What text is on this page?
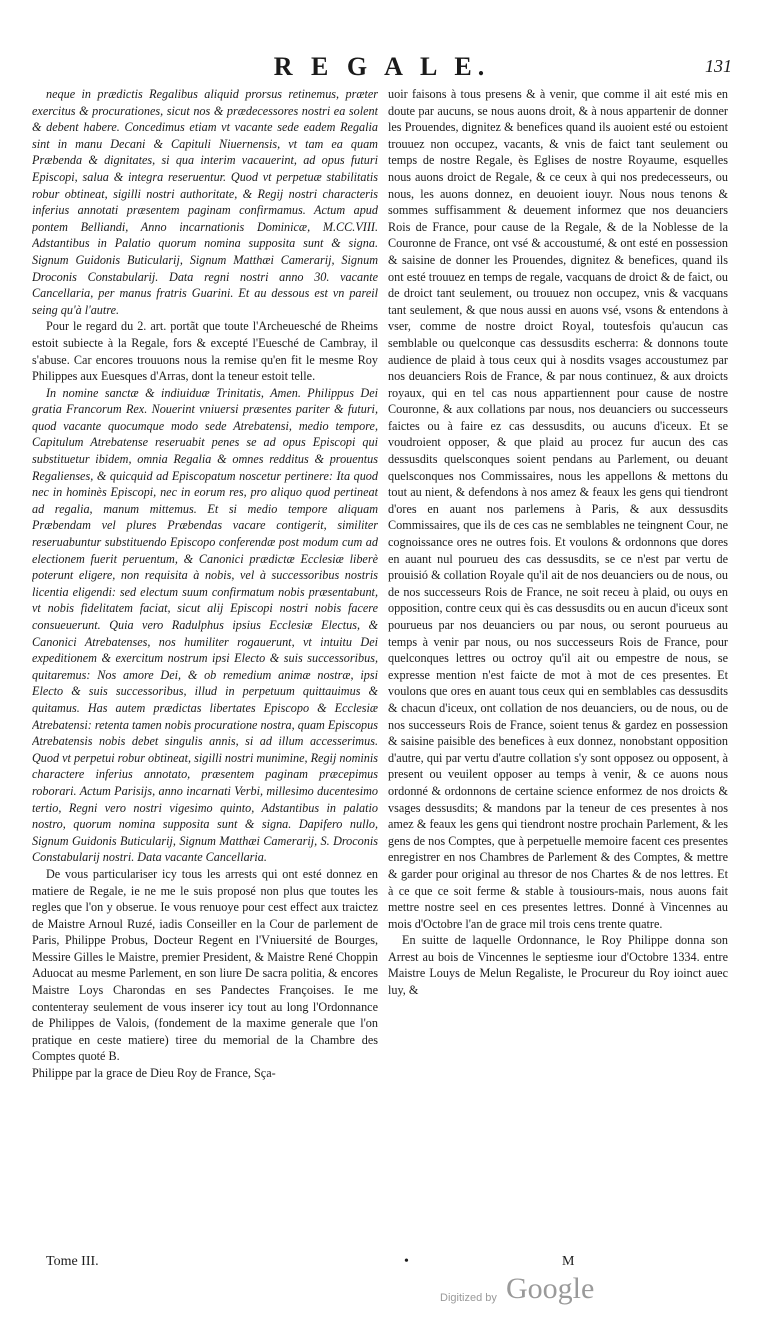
R E G A L E.	131

neque in prædictis Regalibus aliquid prorsus retinemus, præter exercitus & procurationes, sicut nos & prædecessores nostri ea solent & debent habere. Concedimus etiam vt vacante sede eadem Regalia sint in manu Decani & Capituli Niuernensis, vt tam ea quam Præbenda & dignitates, si qua interim vacauerint, ad opus futuri Episcopi, salua & integra reseruentur. Quod vt perpetuæ stabilitatis robur obtineat, sigilli nostri authoritate, & Regij nostri characteris inferius annotati præsentem paginam confirmamus. Actum apud pontem Belliandi, Anno incarnationis Dominicæ, M.CC.VIII. Adstantibus in Palatio quorum nomina supposita sunt & signa. Signum Guidonis Buticularij, Signum Matthæi Camerarij, Signum Droconis Constabularij. Data regni nostri anno 30. vacante Cancellaria, per manus fratris Guarini. Et au dessous est vn pareil seing qu'à l'autre.

Pour le regard du 2. art. portãt que toute l'Archeuesché de Rheims estoit subiecte à la Regale, fors & excepté l'Euesché de Cambray, il s'abuse. Car encores trouuons nous la remise qu'en fit le mesme Roy Philippes aux Euesques d'Arras, dont la teneur estoit telle.

In nomine sanctæ & indiuiduæ Trinitatis, Amen. Philippus Dei gratia Francorum Rex. Nouerint vniuersi præsentes pariter & futuri, quod vacante quocumque modo sede Atrebatensi, medio tempore, Capitulum Atrebatense reseruabit penes se ad opus Episcopi qui substituetur ibidem, omnia Regalia & omnes redditus & prouentus Regalienses, & quicquid ad Episcopatum noscetur pertinere: Ita quod nec in hominès Episcopi, nec in eorum res, pro aliquo quod pertineat ad regalia, manum mittemus. Et si medio tempore aliquam Præbendam vel plures Præbendas vacare contigerit, similiter reseruabuntur substituendo Episcopo conferendæ post modum cum ad electionem fuerit peruentum, & Canonici prædictæ Ecclesiæ liberè poterunt eligere, non requisita à nobis, vel à successoribus nostris licentia eligendi: sed electum suum confirmatum nobis præsentabunt, vt nobis fidelitatem faciat, sicut alij Episcopi nostri nobis facere consueuerunt. Quia vero Radulphus ipsius Ecclesiæ Electus, & Canonici Atrebatenses, nos humiliter rogauerunt, vt intuitu Dei expeditionem & exercitum nostrum ipsi Electo & suis successoribus, quitaremus: Nos amore Dei, & ob remedium animæ nostræ, ipsi Electo & suis successoribus, illud in perpetuum quittauimus & quitamus. Has autem prædictas libertates Episcopo & Ecclesiæ Atrebatensi: retenta tamen nobis procuratione nostra, quam Episcopus Atrebatensis nobis debet singulis annis, si ad illum accesserimus. Quod vt perpetui robur obtineat, sigilli nostri munimine, Regij nominis charactere inferius annotato, præsentem paginam præcepimus roborari. Actum Parisijs, anno incarnati Verbi, millesimo ducentesimo tertio, Regni vero nostri vigesimo quinto, Adstantibus in palatio nostro, quorum nomina supposita sunt & signa. Dapifero nullo, Signum Guidonis Buticularij, Signum Matthæi Camerarij, S. Droconis Constabularij nostri. Data vacante Cancellaria.

De vous particulariser icy tous les arrests qui ont esté donnez en matiere de Regale, ie ne me le suis proposé non plus que toutes les regles que l'on y obserue. Ie vous renuoye pour cest effect aux traictez de Maistre Arnoul Ruzé, iadis Conseiller en la Cour de parlement de Paris, Philippe Probus, Docteur Regent en l'Vniuersité de Bourges, Messire Gilles le Maistre, premier President, & Maistre René Choppin Aduocat au mesme Parlement, en son liure De sacra politia, & encores Maistre Loys Charondas en ses Pandectes Françoises. Ie me contenteray seulement de vous inserer icy tout au long l'Ordonnance de Philippes de Valois, (fondement de la maxime generale que l'on pratique en ceste matiere) tiree du memorial de la Chambre des Comptes quoté B.

Philippe par la grace de Dieu Roy de France, Sça-

uoir faisons à tous presens & à venir, que comme il ait esté mis en doute par aucuns, se nous auons droit, & à nous appartenir de donner les Prouendes, dignitez & benefices quand ils auoient esté ou estoient trouuez non occupez, vacants, & vnis de faict tant seulement ou temps de nostre Regale, ès Eglises de nostre Royaume, esquelles nous auons droict de Regale, & ce ceux à qui nos predecesseurs, ou nous, les auons donnez, en deuoient iouyr. Nous nous tenons & sommes suffisamment & deuement informez que nos deuanciers Rois de France, pour cause de la Regale, & de la Noblesse de la Couronne de France, ont vsé & accoustumé, & ont esté en possession & saisine de donner les Prouendes, dignitez & benefices, quand ils ont esté trouuez en temps de regale, vacquans de droict & de faict, ou de droict tant seulement, ou trouuez non occupez, vnis & vacquans tant seulement, & que nous aussi en auons vsé, vsons & entendons à vser, comme de nostre droict Royal, toutesfois qu'aucun cas semblable ou quelconque cas dessusdits escherra: & donnons toute audience de plaid à tous ceux qui à nosdits vsages accoustumez par nos deuanciers Rois de France, & par nous continuez, & aux droicts royaux, qui en tel cas nous appartiennent pour cause de nostre Couronne, & aux collations par nous, nos deuanciers ou successeurs faictes ou à faire ez cas dessusdits, ou aucuns d'iceux. Et se voudroient opposer, & que plaid au procez fur aucun des cas dessusdits quelsconques soient pendans au Parlement, ou deuant quelsconques nos Commissaires, nous les appellons & mettons du tout au nient, & defendons à nos amez & feaux les gens qui tiendront d'ores en auant nos parlemens à Paris, & aux dessusdits Commissaires, que ils de ces cas ne semblables ne teingnent Cour, ne cognoissance ores ne outres fois. Et voulons & ordonnons que dores en auant nul pourueu des cas dessusdits, se ce n'est par vertu de prouisió & collation Royale qu'il ait de nos deuanciers ou de nous, ou de nos successeurs Rois de France, ne soit receu à plaid, ou ouys en opposition, contre ceux qui ès cas dessusdits ou en aucun d'iceux sont pourueus par nos deuanciers ou par nous, ou seront pourueus au temps à venir par nous, ou nos successeurs Rois de France, pour quelconques lettres ou octroy qu'il ait ou empestre de nous, se expresse mention n'est faicte de mot à mot de ces presentes. Et voulons que ores en auant tous ceux qui en semblables cas dessusdits & chacun d'iceux, ont collation de nos deuanciers, ou de nous, ou de nos successeurs Rois de France, soient tenus & gardez en possession & saisine paisible des benefices à eux donnez, nonobstant opposition d'autre, qui par vertu d'autre collation s'y sont opposez ou opposent, à present ou veuilent opposer au temps à venir, & ce auons nous ordonné & ordonnons de certaine science enformez de nos droicts & vsages dessusdits; & mandons par la teneur de ces presentes à nos amez & feaux les gens qui tiendront nostre prochain Parlement, & les gens de nos Comptes, que à perpetuelle memoire facent ces presentes enregistrer en nos Chambres de Parlement & des Comptes, & mettre & garder pour original au thresor de nos Chartes & de nos lettres. Et à ce que ce soit ferme & stable à tousiours-mais, nous auons fait mettre nostre seel en ces presentes lettres. Donné à Vincennes au mois d'Octobre l'an de grace mil trois cens trente quatre.

En suitte de laquelle Ordonnance, le Roy Philippe donna son Arrest au bois de Vincennes le septiesme iour d'Octobre 1334. entre Maistre Louys de Melun Regaliste, le Procureur du Roy ioinct auec luy, &

Tome III.	•	M
Digitized by Google
